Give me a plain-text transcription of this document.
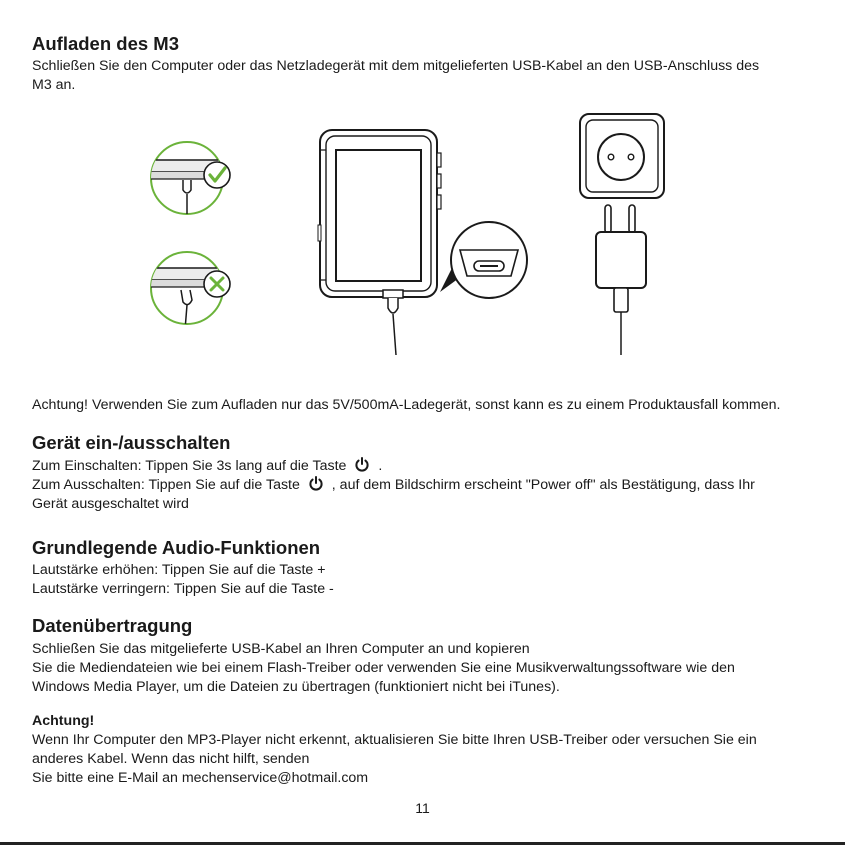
Aufladen des M3
Schließen Sie den Computer oder das Netzladegerät mit dem mitgelieferten USB-Kabel an den USB-Anschluss des
M3 an.
Achtung! Verwenden Sie zum Aufladen nur das 5V/500mA-Ladegerät, sonst kann es zu einem Produktausfall kommen.
Gerät ein-/ausschalten
Zum Einschalten: Tippen Sie 3s lang auf die Taste .
Zum Ausschalten: Tippen Sie auf die Taste , auf dem Bildschirm erscheint "Power off" als Bestätigung, dass Ihr
Gerät ausgeschaltet wird
Grundlegende Audio-Funktionen
Lautstärke erhöhen: Tippen Sie auf die Taste +
Lautstärke verringern: Tippen Sie auf die Taste -
Datenübertragung
Schließen Sie das mitgelieferte USB-Kabel an Ihren Computer an und kopieren
Sie die Mediendateien wie bei einem Flash-Treiber oder verwenden Sie eine Musikverwaltungssoftware wie den
Windows Media Player, um die Dateien zu übertragen (funktioniert nicht bei iTunes).
Achtung!
Wenn Ihr Computer den MP3-Player nicht erkennt, aktualisieren Sie bitte Ihren USB-Treiber oder versuchen Sie ein
anderes Kabel. Wenn das nicht hilft, senden
Sie bitte eine E-Mail an mechenservice@hotmail.com
11
